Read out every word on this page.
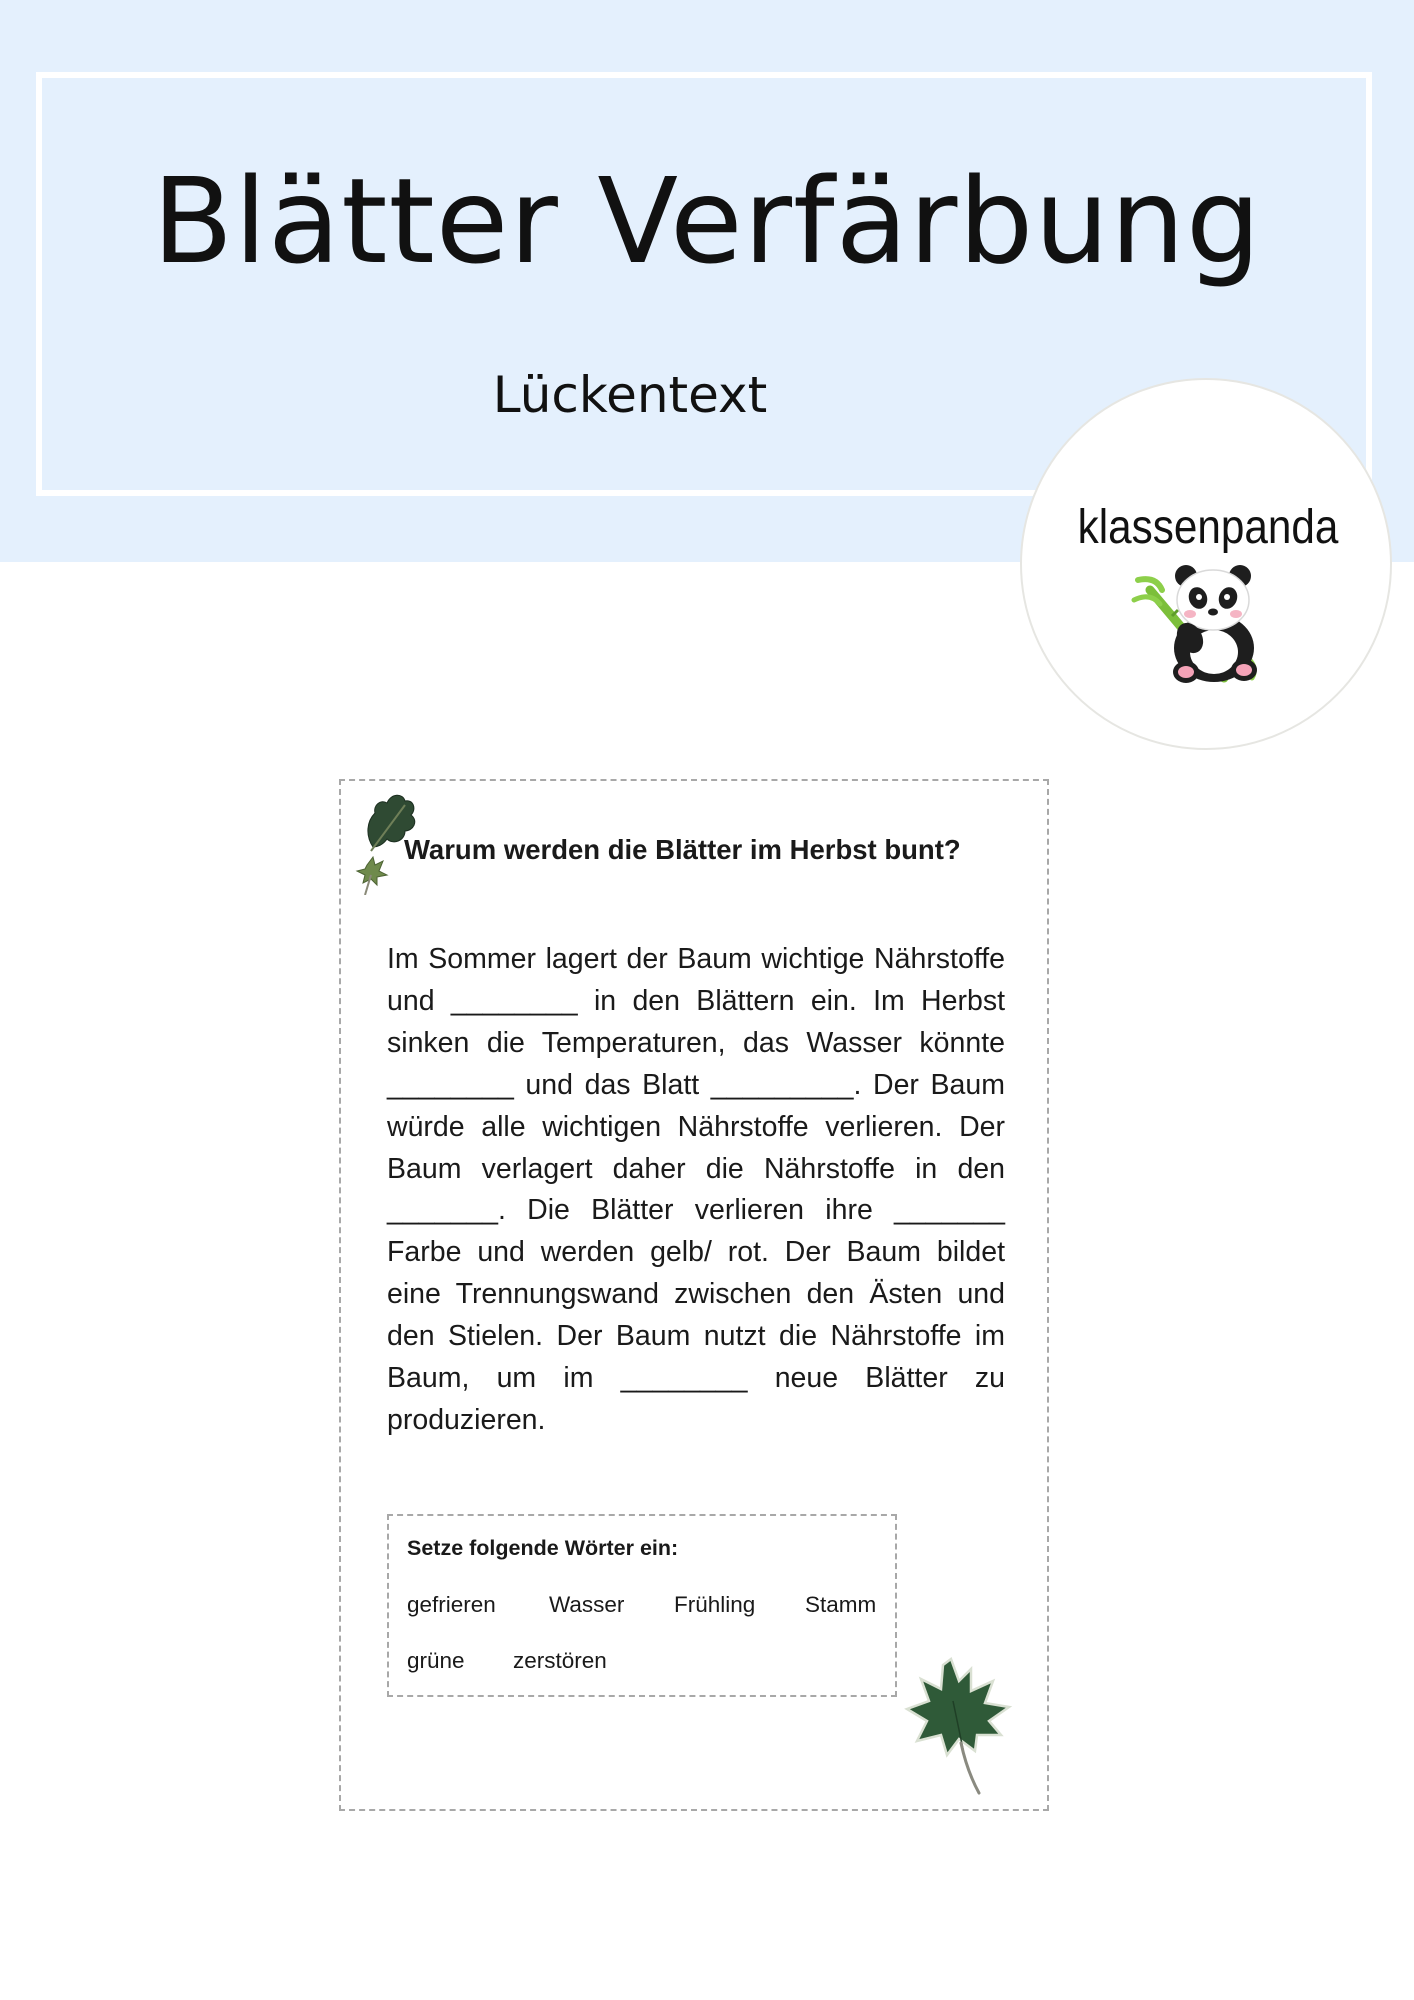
Blätter Verfärbung

Lückentext

klassenpanda
Warum werden die Blätter im Herbst bunt?

Im Sommer lagert der Baum wichtige Nährstoffe und ________ in den Blättern ein. Im Herbst sinken die Temperaturen, das Wasser könnte ________ und das Blatt _________. Der Baum würde alle wichtigen Nährstoffe verlieren. Der Baum verlagert daher die Nährstoffe in den _______. Die Blätter verlieren ihre _______ Farbe und werden gelb/ rot. Der Baum bildet eine Trennungswand zwischen den Ästen und den Stielen. Der Baum nutzt die Nährstoffe im Baum, um im ________ neue Blätter zu produzieren.

Setze folgende Wörter ein:

gefrieren Wasser Frühling Stamm
grüne zerstören
